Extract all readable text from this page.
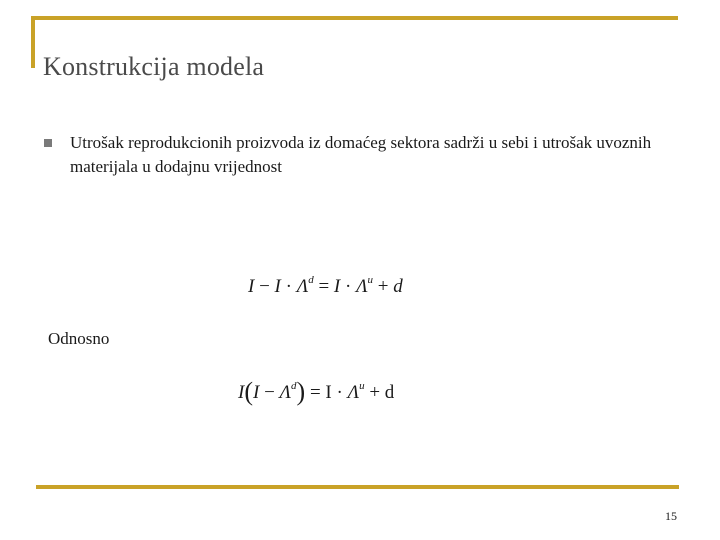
Konstrukcija modela
Utrošak reprodukcionih proizvoda iz domaćeg sektora sadrži u sebi i utrošak uvoznih materijala u dodajnu vrijednost
$I - I \cdot \Lambda^d = I \cdot \Lambda^u + d$
Odnosno
$I(I - \Lambda^d) = I \cdot \Lambda^u + d$
15
